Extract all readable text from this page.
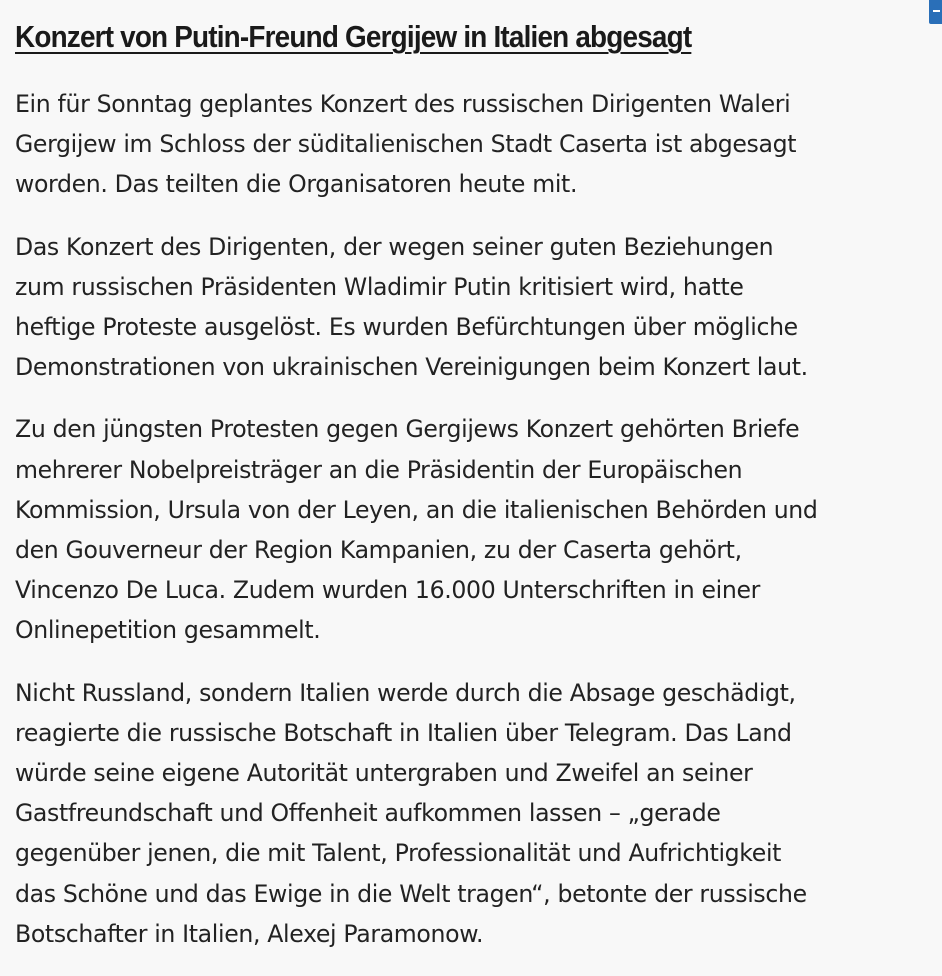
Konzert von Putin-Freund Gergijew in Italien abgesagt

Ein für Sonntag geplantes Konzert des russischen Dirigenten Waleri
Gergijew im Schloss der süditalienischen Stadt Caserta ist abgesagt
worden. Das teilten die Organisatoren heute mit.

Das Konzert des Dirigenten, der wegen seiner guten Beziehungen
zum russischen Präsidenten Wladimir Putin kritisiert wird, hatte
heftige Proteste ausgelöst. Es wurden Befürchtungen über mögliche
Demonstrationen von ukrainischen Vereinigungen beim Konzert laut.

Zu den jüngsten Protesten gegen Gergijews Konzert gehörten Briefe
mehrerer Nobelpreisträger an die Präsidentin der Europäischen
Kommission, Ursula von der Leyen, an die italienischen Behörden und
den Gouverneur der Region Kampanien, zu der Caserta gehört,
Vincenzo De Luca. Zudem wurden 16.000 Unterschriften in einer
Onlinepetition gesammelt.

Nicht Russland, sondern Italien werde durch die Absage geschädigt,
reagierte die russische Botschaft in Italien über Telegram. Das Land
würde seine eigene Autorität untergraben und Zweifel an seiner
Gastfreundschaft und Offenheit aufkommen lassen – „gerade
gegenüber jenen, die mit Talent, Professionalität und Aufrichtigkeit
das Schöne und das Ewige in die Welt tragen“, betonte der russische
Botschafter in Italien, Alexej Paramonow.
